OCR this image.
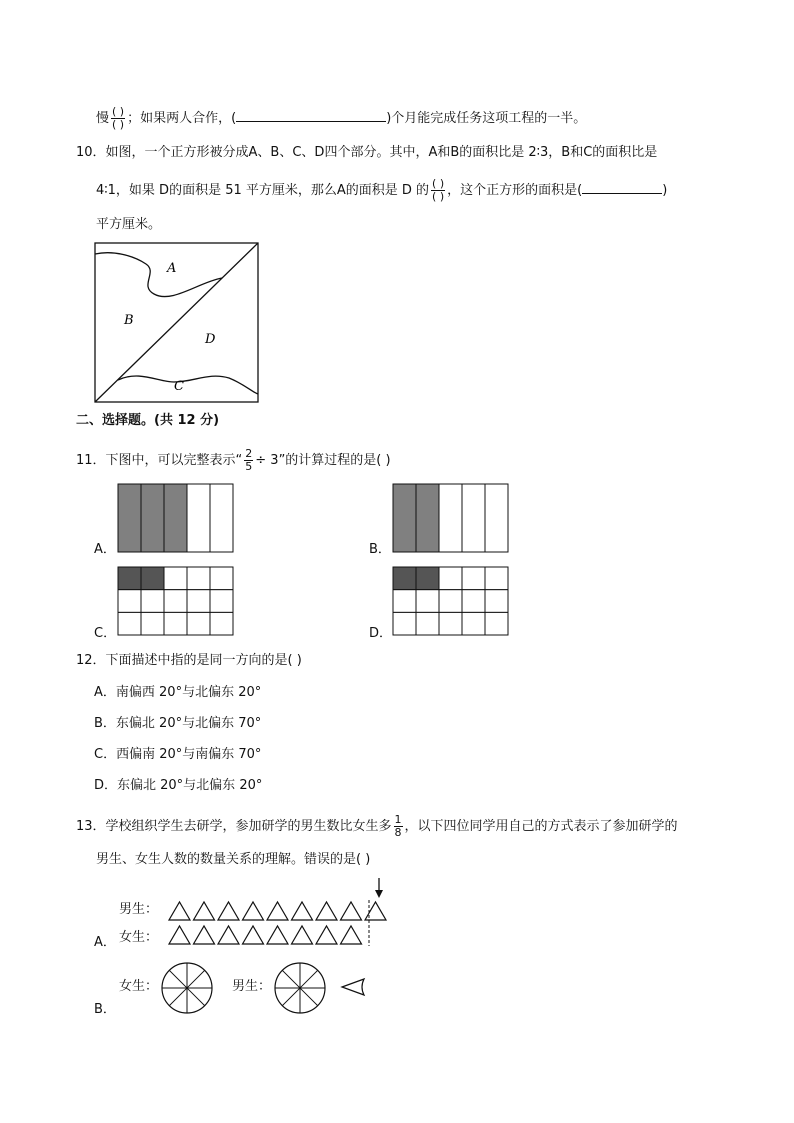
慢 $\frac{( )}{( )}$ ；如果两人合作，(	)个月能完成任务这项工程的一半。
10．如图，一个正方形被分成A、B、C、D四个部分。其中，A和B的面积比是 2∶3，B和C的面积比是
4∶1，如果 D的面积是 51 平方厘米，那么A的面积是 D 的 $\frac{( )}{( )}$ ，这个正方形的面积是(	)
平方厘米。
A
B
C
D
二、选择题。(共 12 分)
11．下图中，可以完整表示“ $\frac{2}{5} \div 3$”的计算过程的是( )
A．	B．
C．	D．
12．下面描述中指的是同一方向的是( )
A．南偏西 20°与北偏东 20°
B．东偏北 20°与北偏东 70°
C．西偏南 20°与南偏东 70°
D．东偏北 20°与北偏东 20°
13．学校组织学生去研学，参加研学的男生数比女生多 $\frac{1}{8}$ ，以下四位同学用自己的方式表示了参加研学的
男生、女生人数的数量关系的理解。错误的是( )
男生：
A． 女生：
女生：	男生：
B．
